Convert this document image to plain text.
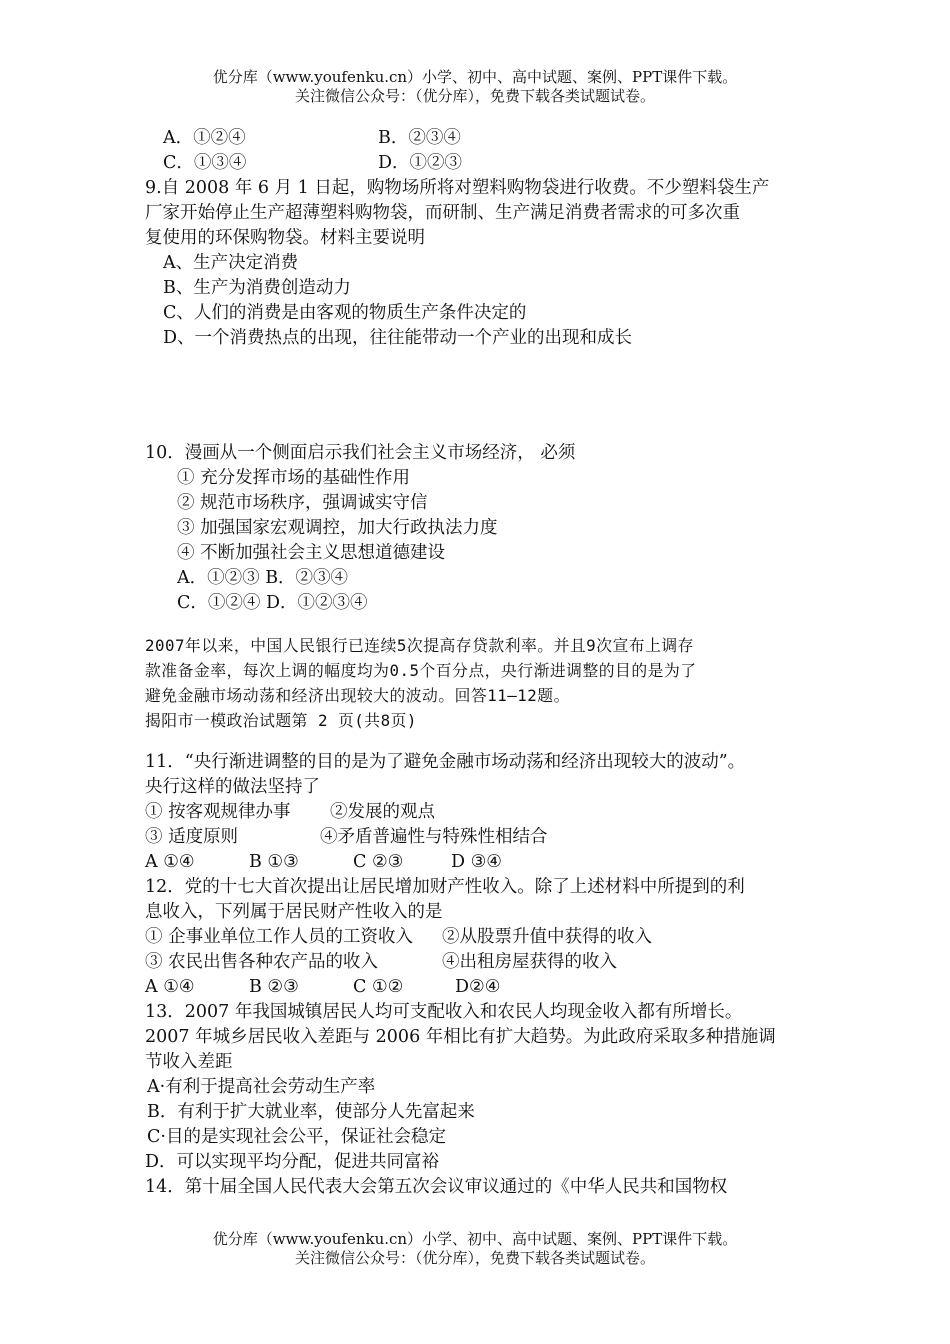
优分库（www.youfenku.cn）小学、初中、高中试题、案例、PPT课件下载。
关注微信公众号：（优分库），免费下载各类试题试卷。
A．①②④	B．②③④
C．①③④	D．①②③
9.自 2008 年 6 月 1 日起，购物场所将对塑料购物袋进行收费。不少塑料袋生产
厂家开始停止生产超薄塑料购物袋，而研制、生产满足消费者需求的可多次重
复使用的环保购物袋。材料主要说明
A、生产决定消费
B、生产为消费创造动力
C、人们的消费是由客观的物质生产条件决定的
D、一个消费热点的出现，往往能带动一个产业的出现和成长
10．漫画从一个侧面启示我们社会主义市场经济， 必须
① 充分发挥市场的基础性作用
② 规范市场秩序，强调诚实守信
③ 加强国家宏观调控，加大行政执法力度
④ 不断加强社会主义思想道德建设
A．①②③ B．②③④
C．①②④ D．①②③④
2007年以来，中国人民银行已连续5次提高存贷款利率。并且9次宣布上调存
款准备金率，每次上调的幅度均为0.5个百分点，央行渐进调整的目的是为了
避免金融市场动荡和经济出现较大的波动。回答11—12题。
揭阳市一模政治试题第 2 页(共8页)
11．“央行渐进调整的目的是为了避免金融市场动荡和经济出现较大的波动”。
央行这样的做法坚持了
① 按客观规律办事 ②发展的观点
③ 适度原则	④矛盾普遍性与特殊性相结合
A ①④	B ①③	C ②③	D ③④
12．党的十七大首次提出让居民增加财产性收入。除了上述材料中所提到的利
息收入，下列属于居民财产性收入的是
① 企事业单位工作人员的工资收入 ②从股票升值中获得的收入
③ 农民出售各种农产品的收入	④出租房屋获得的收入
A ①④	B ②③	C ①②	D②④
13．2007 年我国城镇居民人均可支配收入和农民人均现金收入都有所增长。
2007 年城乡居民收入差距与 2006 年相比有扩大趋势。为此政府采取多种措施调
节收入差距
A·有利于提高社会劳动生产率
B．有利于扩大就业率，使部分人先富起来
C·目的是实现社会公平，保证社会稳定
D．可以实现平均分配，促进共同富裕
14．第十届全国人民代表大会第五次会议审议通过的《中华人民共和国物权
优分库（www.youfenku.cn）小学、初中、高中试题、案例、PPT课件下载。
关注微信公众号：（优分库），免费下载各类试题试卷。
